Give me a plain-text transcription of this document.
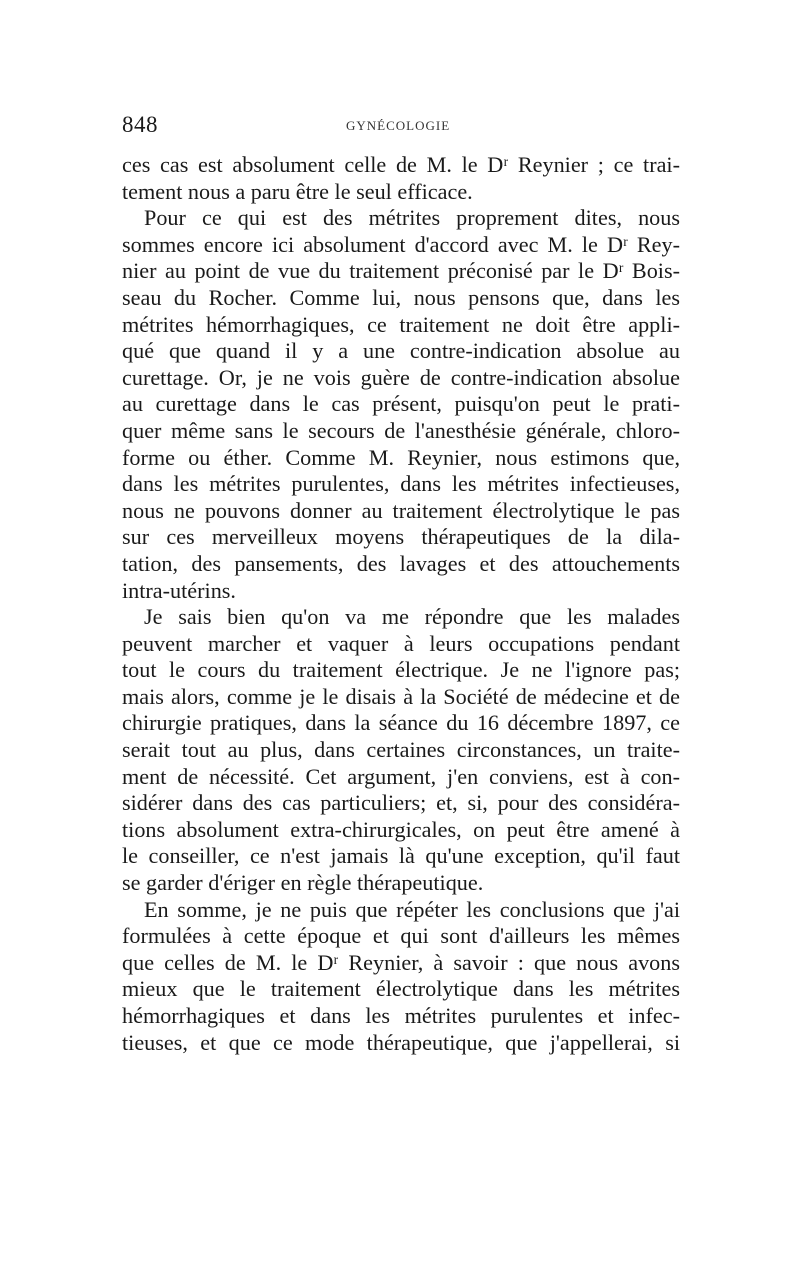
848	GYNÉCOLOGIE
ces cas est absolument celle de M. le Dʳ Reynier ; ce trai-
tement nous a paru être le seul efficace.
Pour ce qui est des métrites proprement dites, nous
sommes encore ici absolument d'accord avec M. le Dʳ Rey-
nier au point de vue du traitement préconisé par le Dʳ Bois-
seau du Rocher. Comme lui, nous pensons que, dans les
métrites hémorrhagiques, ce traitement ne doit être appli-
qué que quand il y a une contre-indication absolue au
curettage. Or, je ne vois guère de contre-indication absolue
au curettage dans le cas présent, puisqu'on peut le prati-
quer même sans le secours de l'anesthésie générale, chloro-
forme ou éther. Comme M. Reynier, nous estimons que,
dans les métrites purulentes, dans les métrites infectieuses,
nous ne pouvons donner au traitement électrolytique le pas
sur ces merveilleux moyens thérapeutiques de la dila-
tation, des pansements, des lavages et des attouchements
intra-utérins.
Je sais bien qu'on va me répondre que les malades
peuvent marcher et vaquer à leurs occupations pendant
tout le cours du traitement électrique. Je ne l'ignore pas;
mais alors, comme je le disais à la Société de médecine et de
chirurgie pratiques, dans la séance du 16 décembre 1897, ce
serait tout au plus, dans certaines circonstances, un traite-
ment de nécessité. Cet argument, j'en conviens, est à con-
sidérer dans des cas particuliers; et, si, pour des considéra-
tions absolument extra-chirurgicales, on peut être amené à
le conseiller, ce n'est jamais là qu'une exception, qu'il faut
se garder d'ériger en règle thérapeutique.
En somme, je ne puis que répéter les conclusions que j'ai
formulées à cette époque et qui sont d'ailleurs les mêmes
que celles de M. le Dʳ Reynier, à savoir : que nous avons
mieux que le traitement électrolytique dans les métrites
hémorrhagiques et dans les métrites purulentes et infec-
tieuses, et que ce mode thérapeutique, que j'appellerai, si
